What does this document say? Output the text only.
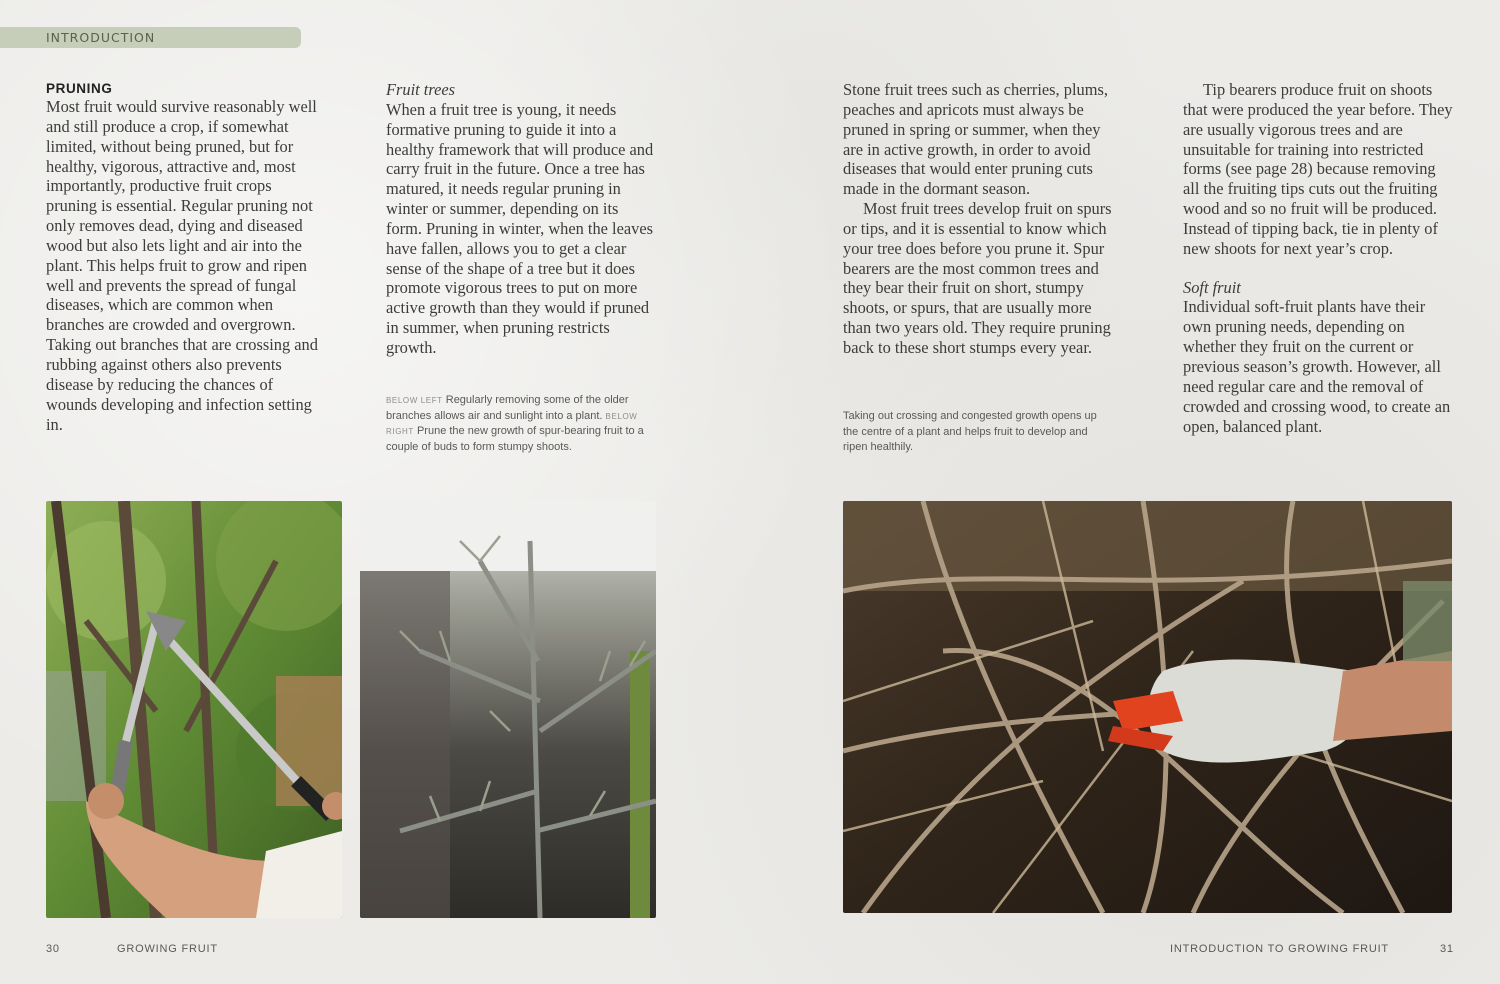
INTRODUCTION

PRUNING

Most fruit would survive reasonably well and still produce a crop, if somewhat limited, without being pruned, but for healthy, vigorous, attractive and, most importantly, productive fruit crops pruning is essential. Regular pruning not only removes dead, dying and diseased wood but also lets light and air into the plant. This helps fruit to grow and ripen well and prevents the spread of fungal diseases, which are common when branches are crowded and overgrown. Taking out branches that are crossing and rubbing against others also prevents disease by reducing the chances of wounds developing and infection setting in.

Fruit trees

When a fruit tree is young, it needs formative pruning to guide it into a healthy framework that will produce and carry fruit in the future. Once a tree has matured, it needs regular pruning in winter or summer, depending on its form. Pruning in winter, when the leaves have fallen, allows you to get a clear sense of the shape of a tree but it does promote vigorous trees to put on more active growth than they would if pruned in summer, when pruning restricts growth.

BELOW LEFT Regularly removing some of the older branches allows air and sunlight into a plant. BELOW RIGHT Prune the new growth of spur-bearing fruit to a couple of buds to form stumpy shoots.

Stone fruit trees such as cherries, plums, peaches and apricots must always be pruned in spring or summer, when they are in active growth, in order to avoid diseases that would enter pruning cuts made in the dormant season.

Most fruit trees develop fruit on spurs or tips, and it is essential to know which your tree does before you prune it. Spur bearers are the most common trees and they bear their fruit on short, stumpy shoots, or spurs, that are usually more than two years old. They require pruning back to these short stumps every year.

Taking out crossing and congested growth opens up the centre of a plant and helps fruit to develop and ripen healthily.

Tip bearers produce fruit on shoots that were produced the year before. They are usually vigorous trees and are unsuitable for training into restricted forms (see page 28) because removing all the fruiting tips cuts out the fruiting wood and so no fruit will be produced. Instead of tipping back, tie in plenty of new shoots for next year’s crop.

Soft fruit

Individual soft-fruit plants have their own pruning needs, depending on whether they fruit on the current or previous season’s growth. However, all need regular care and the removal of crowded and crossing wood, to create an open, balanced plant.

30	GROWING FRUIT	INTRODUCTION TO GROWING FRUIT	31
